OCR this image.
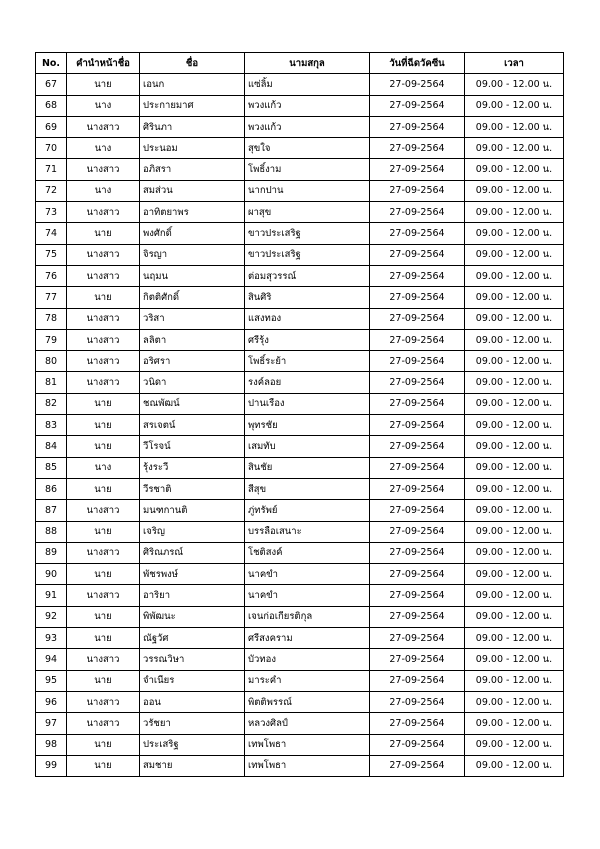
No.	คำนำหน้าชื่อ	ชื่อ	นามสกุล	วันที่ฉีดวัคซีน	เวลา
67	นาย	เอนก	แซ่ลิ้ม	27-09-2564	09.00 - 12.00 น.
68	นาง	ประกายมาศ	พวงแก้ว	27-09-2564	09.00 - 12.00 น.
69	นางสาว	ศิรินภา	พวงแก้ว	27-09-2564	09.00 - 12.00 น.
70	นาง	ประนอม	สุขใจ	27-09-2564	09.00 - 12.00 น.
71	นางสาว	อภิสรา	โพธิ์งาม	27-09-2564	09.00 - 12.00 น.
72	นาง	สมส่วน	นากปาน	27-09-2564	09.00 - 12.00 น.
73	นางสาว	อาทิตยาพร	ผาสุข	27-09-2564	09.00 - 12.00 น.
74	นาย	พงศักดิ์	ขาวประเสริฐ	27-09-2564	09.00 - 12.00 น.
75	นางสาว	จิรญา	ขาวประเสริฐ	27-09-2564	09.00 - 12.00 น.
76	นางสาว	นฤมน	ต่อมสุวรรณ์	27-09-2564	09.00 - 12.00 น.
77	นาย	กิตติศักดิ์	สินศิริ	27-09-2564	09.00 - 12.00 น.
78	นางสาว	วริสา	แสงทอง	27-09-2564	09.00 - 12.00 น.
79	นางสาว	ลลิตา	ศรีรุ้ง	27-09-2564	09.00 - 12.00 น.
80	นางสาว	อริศรา	โพธิ์ระย้า	27-09-2564	09.00 - 12.00 น.
81	นางสาว	วนิดา	รงค์ลอย	27-09-2564	09.00 - 12.00 น.
82	นาย	ชณพัฒน์	ปานเรือง	27-09-2564	09.00 - 12.00 น.
83	นาย	สรเจตน์	พุทรชัย	27-09-2564	09.00 - 12.00 น.
84	นาย	วีโรจน์	เสมทับ	27-09-2564	09.00 - 12.00 น.
85	นาง	รุ้งระวี	สินชัย	27-09-2564	09.00 - 12.00 น.
86	นาย	วีรชาติ	สีสุข	27-09-2564	09.00 - 12.00 น.
87	นางสาว	มนฑกานติ	ภู่ทรัพย์	27-09-2564	09.00 - 12.00 น.
88	นาย	เจริญ	บรรลือเสนาะ	27-09-2564	09.00 - 12.00 น.
89	นางสาว	ศิริณภรณ์	โชติสงค์	27-09-2564	09.00 - 12.00 น.
90	นาย	พัชรพงษ์	นาคขำ	27-09-2564	09.00 - 12.00 น.
91	นางสาว	อาริยา	นาคขำ	27-09-2564	09.00 - 12.00 น.
92	นาย	พิพัฒนะ	เจนก่อเกียรติกุล	27-09-2564	09.00 - 12.00 น.
93	นาย	ณัฐวัศ	ศรีสงคราม	27-09-2564	09.00 - 12.00 น.
94	นางสาว	วรรณวิษา	บัวทอง	27-09-2564	09.00 - 12.00 น.
95	นาย	จำเนียร	มาระคำ	27-09-2564	09.00 - 12.00 น.
96	นางสาว	ออน	พิตติพรรณ์	27-09-2564	09.00 - 12.00 น.
97	นางสาว	วรัชยา	หลวงศิลป์	27-09-2564	09.00 - 12.00 น.
98	นาย	ประเสริฐ	เทพโพธา	27-09-2564	09.00 - 12.00 น.
99	นาย	สมชาย	เทพโพธา	27-09-2564	09.00 - 12.00 น.
